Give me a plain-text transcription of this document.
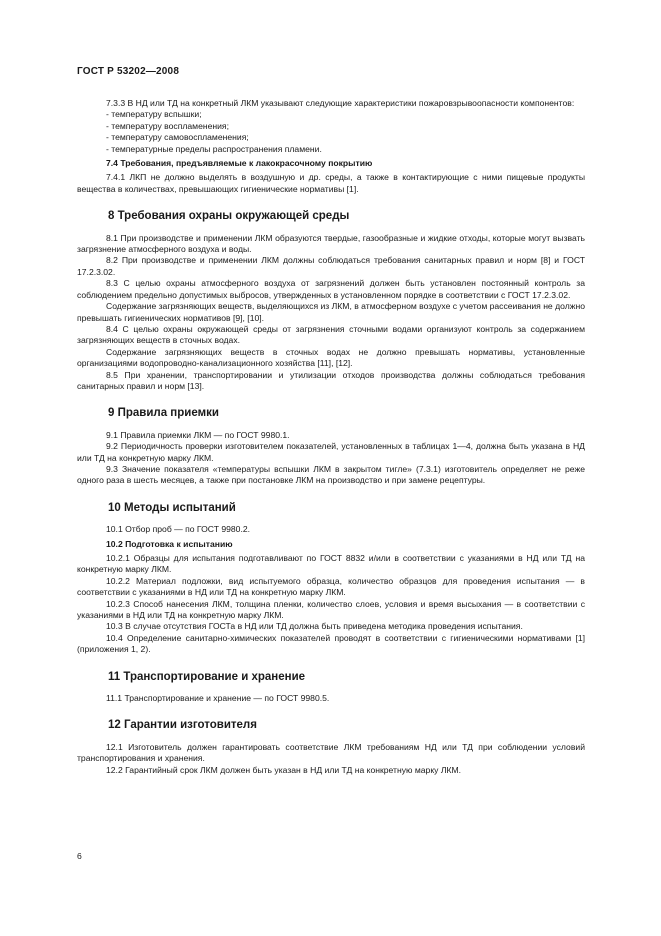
ГОСТ Р 53202—2008

7.3.3 В НД или ТД на конкретный ЛКМ указывают следующие характеристики пожаровзрывоопасности компонентов:

- температуру вспышки;

- температуру воспламенения;

- температуру самовоспламенения;

- температурные пределы распространения пламени.

7.4 Требования, предъявляемые к лакокрасочному покрытию

7.4.1 ЛКП не должно выделять в воздушную и др. среды, а также в контактирующие с ними пищевые продукты вещества в количествах, превышающих гигиенические нормативы [1].

8 Требования охраны окружающей среды

8.1 При производстве и применении ЛКМ образуются твердые, газообразные и жидкие отходы, которые могут вызвать загрязнение атмосферного воздуха и воды.

8.2 При производстве и применении ЛКМ должны соблюдаться требования санитарных правил и норм [8] и ГОСТ 17.2.3.02.

8.3 С целью охраны атмосферного воздуха от загрязнений должен быть установлен постоянный контроль за соблюдением предельно допустимых выбросов, утвержденных в установленном порядке в соответствии с ГОСТ 17.2.3.02.

Содержание загрязняющих веществ, выделяющихся из ЛКМ, в атмосферном воздухе с учетом рассеивания не должно превышать гигиенических нормативов [9], [10].

8.4 С целью охраны окружающей среды от загрязнения сточными водами организуют контроль за содержанием загрязняющих веществ в сточных водах.

Содержание загрязняющих веществ в сточных водах не должно превышать нормативы, установленные организациями водопроводно-канализационного хозяйства [11], [12].

8.5 При хранении, транспортировании и утилизации отходов производства должны соблюдаться требования санитарных правил и норм [13].

9 Правила приемки

9.1 Правила приемки ЛКМ — по ГОСТ 9980.1.

9.2 Периодичность проверки изготовителем показателей, установленных в таблицах 1—4, должна быть указана в НД или ТД на конкретную марку ЛКМ.

9.3 Значение показателя «температуры вспышки ЛКМ в закрытом тигле» (7.3.1) изготовитель определяет не реже одного раза в шесть месяцев, а также при постановке ЛКМ на производство и при замене рецептуры.

10 Методы испытаний

10.1 Отбор проб — по ГОСТ 9980.2.

10.2 Подготовка к испытанию

10.2.1 Образцы для испытания подготавливают по ГОСТ 8832 и/или в соответствии с указаниями в НД или ТД на конкретную марку ЛКМ.

10.2.2 Материал подложки, вид испытуемого образца, количество образцов для проведения испытания — в соответствии с указаниями в НД или ТД на конкретную марку ЛКМ.

10.2.3 Способ нанесения ЛКМ, толщина пленки, количество слоев, условия и время высыхания — в соответствии с указаниями в НД или ТД на конкретную марку ЛКМ.

10.3 В случае отсутствия ГОСТа в НД или ТД должна быть приведена методика проведения испытания.

10.4 Определение санитарно-химических показателей проводят в соответствии с гигиеническими нормативами [1] (приложения 1, 2).

11 Транспортирование и хранение

11.1 Транспортирование и хранение — по ГОСТ 9980.5.

12 Гарантии изготовителя

12.1 Изготовитель должен гарантировать соответствие ЛКМ требованиям НД или ТД при соблюдении условий транспортирования и хранения.

12.2 Гарантийный срок ЛКМ должен быть указан в НД или ТД на конкретную марку ЛКМ.

6
